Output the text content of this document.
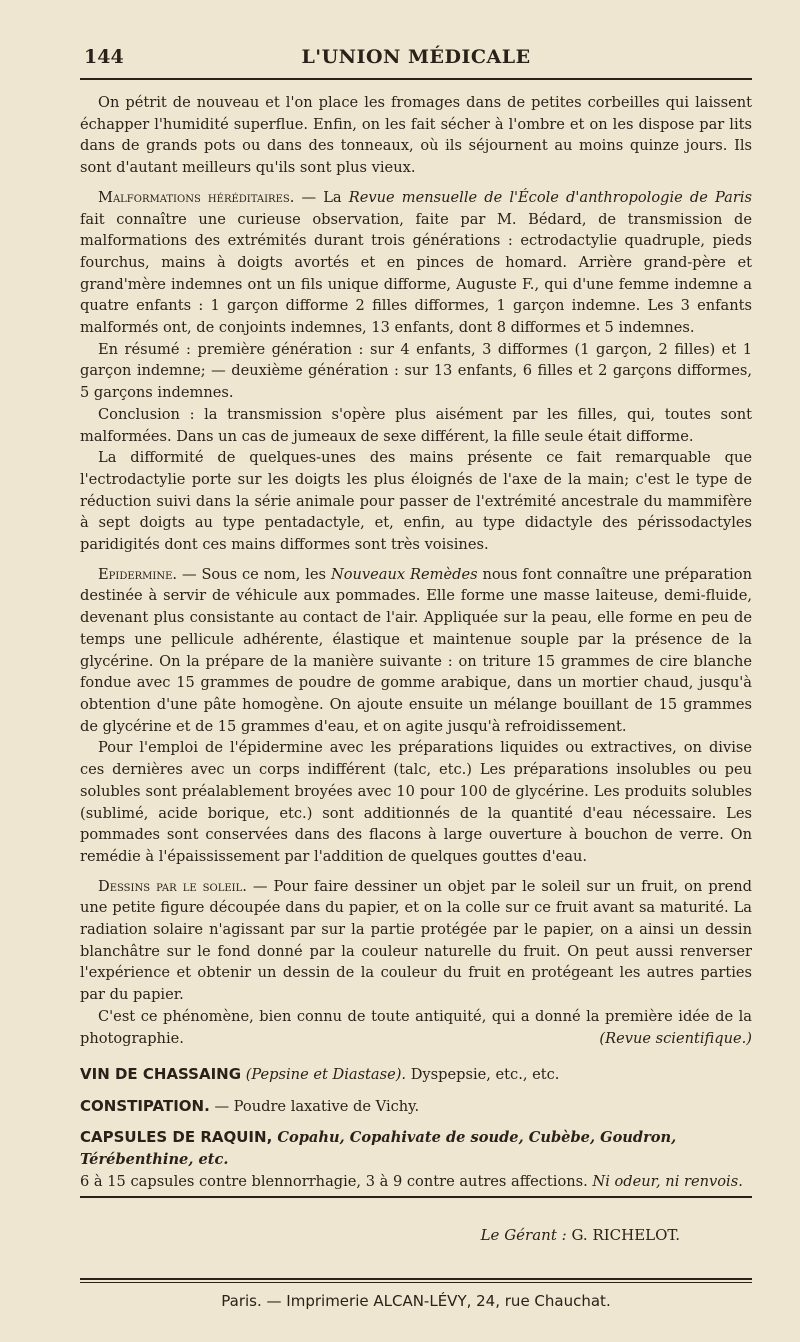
144	L'UNION MÉDICALE

On pétrit de nouveau et l'on place les fromages dans de petites corbeilles qui laissent échapper l'humidité superflue. Enfin, on les fait sécher à l'ombre et on les dispose par lits dans de grands pots ou dans des tonneaux, où ils séjournent au moins quinze jours. Ils sont d'autant meilleurs qu'ils sont plus vieux.

Malformations héréditaires. — La Revue mensuelle de l'École d'anthropologie de Paris fait connaître une curieuse observation, faite par M. Bédard, de transmission de malformations des extrémités durant trois générations : ectrodactylie quadruple, pieds fourchus, mains à doigts avortés et en pinces de homard. Arrière grand-père et grand'mère indemnes ont un fils unique difforme, Auguste F., qui d'une femme indemne a quatre enfants : 1 garçon difforme 2 filles difformes, 1 garçon indemne. Les 3 enfants malformés ont, de conjoints indemnes, 13 enfants, dont 8 difformes et 5 indemnes.

En résumé : première génération : sur 4 enfants, 3 difformes (1 garçon, 2 filles) et 1 garçon indemne; — deuxième génération : sur 13 enfants, 6 filles et 2 garçons difformes, 5 garçons indemnes.

Conclusion : la transmission s'opère plus aisément par les filles, qui, toutes sont malformées. Dans un cas de jumeaux de sexe différent, la fille seule était difforme.

La difformité de quelques-unes des mains présente ce fait remarquable que l'ectrodactylie porte sur les doigts les plus éloignés de l'axe de la main; c'est le type de réduction suivi dans la série animale pour passer de l'extrémité ancestrale du mammifère à sept doigts au type pentadactyle, et, enfin, au type didactyle des périssodactyles paridigités dont ces mains difformes sont très voisines.

Epidermine. — Sous ce nom, les Nouveaux Remèdes nous font connaître une préparation destinée à servir de véhicule aux pommades. Elle forme une masse laiteuse, demi-fluide, devenant plus consistante au contact de l'air. Appliquée sur la peau, elle forme en peu de temps une pellicule adhérente, élastique et maintenue souple par la présence de la glycérine. On la prépare de la manière suivante : on triture 15 grammes de cire blanche fondue avec 15 grammes de poudre de gomme arabique, dans un mortier chaud, jusqu'à obtention d'une pâte homogène. On ajoute ensuite un mélange bouillant de 15 grammes de glycérine et de 15 grammes d'eau, et on agite jusqu'à refroidissement.

Pour l'emploi de l'épidermine avec les préparations liquides ou extractives, on divise ces dernières avec un corps indifférent (talc, etc.) Les préparations insolubles ou peu solubles sont préalablement broyées avec 10 pour 100 de glycérine. Les produits solubles (sublimé, acide borique, etc.) sont additionnés de la quantité d'eau nécessaire. Les pommades sont conservées dans des flacons à large ouverture à bouchon de verre. On remédie à l'épaississement par l'addition de quelques gouttes d'eau.

Dessins par le soleil. — Pour faire dessiner un objet par le soleil sur un fruit, on prend une petite figure découpée dans du papier, et on la colle sur ce fruit avant sa maturité. La radiation solaire n'agissant par sur la partie protégée par le papier, on a ainsi un dessin blanchâtre sur le fond donné par la couleur naturelle du fruit. On peut aussi renverser l'expérience et obtenir un dessin de la couleur du fruit en protégeant les autres parties par du papier.

C'est ce phénomène, bien connu de toute antiquité, qui a donné la première idée de la photographie.	(Revue scientifique.)

VIN DE CHASSAING (Pepsine et Diastase). Dyspepsie, etc., etc.

CONSTIPATION. — Poudre laxative de Vichy.

CAPSULES DE RAQUIN, Copahu, Copahivate de soude, Cubèbe, Goudron, Térébenthine, etc.
6 à 15 capsules contre blennorrhagie, 3 à 9 contre autres affections. Ni odeur, ni renvois.

Le Gérant : G. RICHELOT.
Paris. — Imprimerie ALCAN-LÉVY, 24, rue Chauchat.
